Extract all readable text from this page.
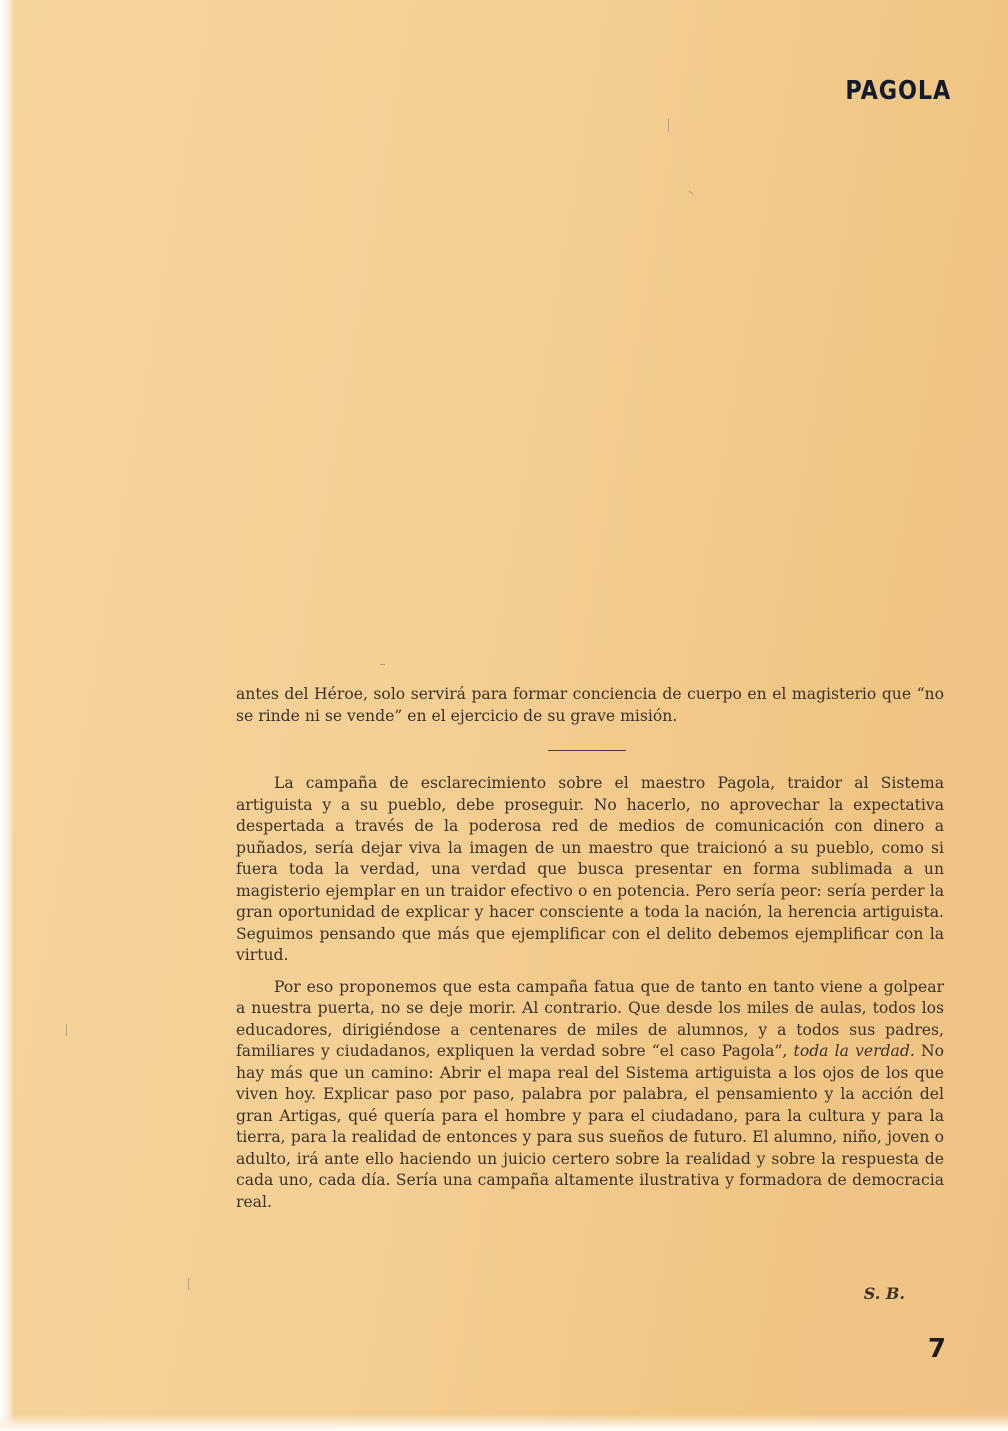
PAGOLA
antes del Héroe, solo servirá para formar conciencia de cuerpo en el magisterio que “no se rinde ni se vende” en el ejercicio de su grave misión.

La campaña de esclarecimiento sobre el maestro Pagola, traidor al Sistema artiguista y a su pueblo, debe proseguir. No hacerlo, no aprovechar la expectativa despertada a través de la poderosa red de medios de comunicación con dinero a puñados, sería dejar viva la imagen de un maestro que traicionó a su pueblo, como si fuera toda la verdad, una verdad que busca presentar en forma sublimada a un magisterio ejemplar en un traidor efectivo o en potencia. Pero sería peor: sería perder la gran oportunidad de explicar y hacer consciente a toda la nación, la herencia artiguista. Seguimos pensando que más que ejemplificar con el delito debemos ejemplificar con la virtud.

Por eso proponemos que esta campaña fatua que de tanto en tanto viene a golpear a nuestra puerta, no se deje morir. Al contrario. Que desde los miles de aulas, todos los educadores, dirigiéndose a centenares de miles de alumnos, y a todos sus padres, familiares y ciudadanos, expliquen la verdad sobre “el caso Pagola”, toda la verdad. No hay más que un camino: Abrir el mapa real del Sistema artiguista a los ojos de los que viven hoy. Explicar paso por paso, palabra por palabra, el pensamiento y la acción del gran Artigas, qué quería para el hombre y para el ciudadano, para la cultura y para la tierra, para la realidad de entonces y para sus sueños de futuro. El alumno, niño, joven o adulto, irá ante ello haciendo un juicio certero sobre la realidad y sobre la respuesta de cada uno, cada día. Sería una campaña altamente ilustrativa y formadora de democracia real.

S. B.
7
